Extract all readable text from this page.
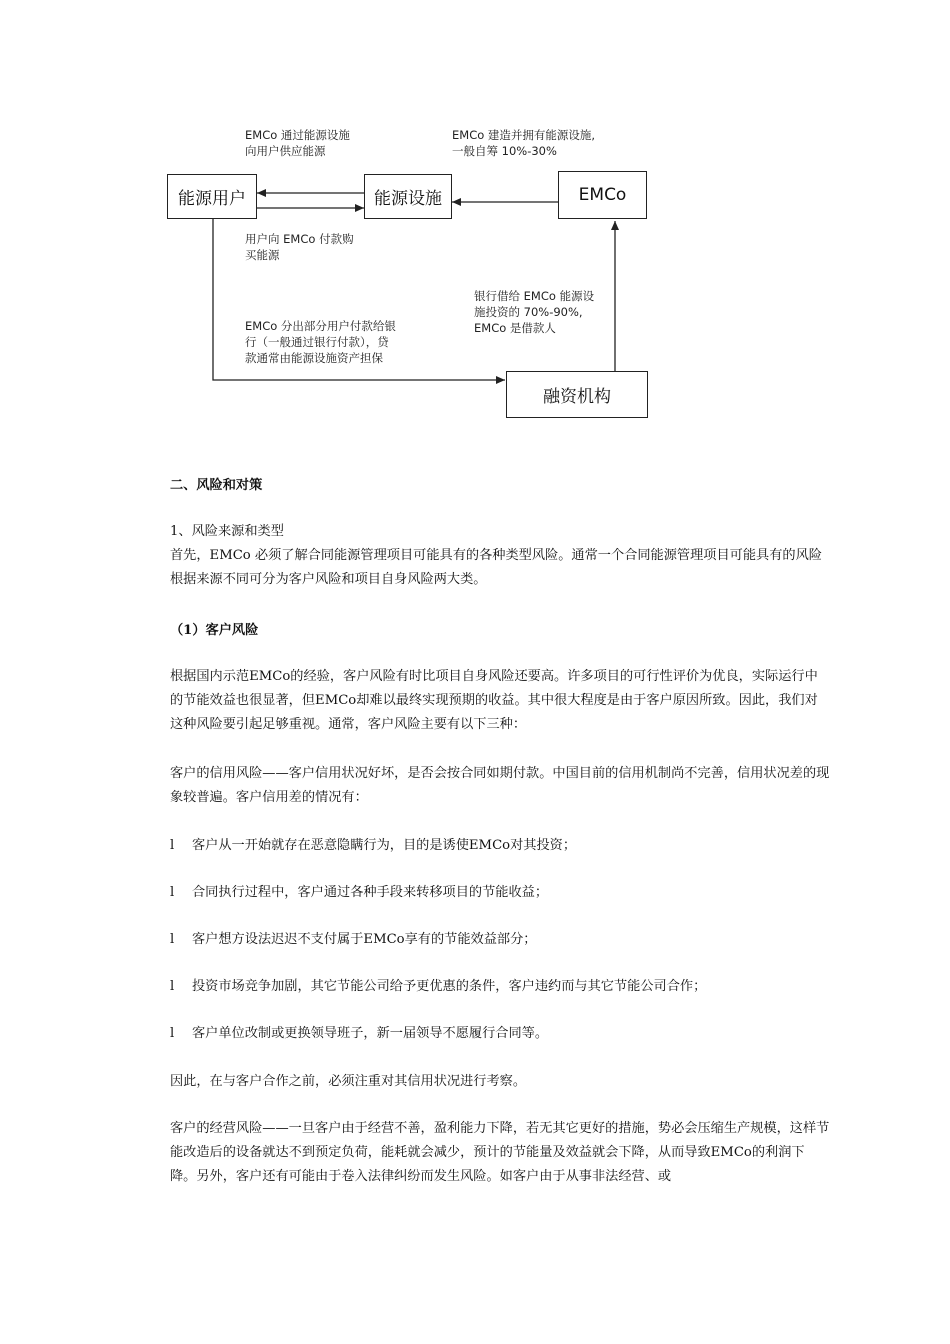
能源用户	能源设施	EMCo
融资机构
EMCo 通过能源设施
向用户供应能源
EMCo 建造并拥有能源设施,
一般自筹 10%-30%
用户向 EMCo 付款购
买能源
银行借给 EMCo 能源设
施投资的 70%-90%,
EMCo 是借款人
EMCo 分出部分用户付款给银
行（一般通过银行付款），贷
款通常由能源设施资产担保

二、风险和对策

1、风险来源和类型

首先，EMCo 必须了解合同能源管理项目可能具有的各种类型风险。通常一个合同能源管理项目可能具有的风险根据来源不同可分为客户风险和项目自身风险两大类。

（1）客户风险

根据国内示范EMCo的经验，客户风险有时比项目自身风险还要高。许多项目的可行性评价为优良，实际运行中的节能效益也很显著，但EMCo却难以最终实现预期的收益。其中很大程度是由于客户原因所致。因此，我们对这种风险要引起足够重视。通常，客户风险主要有以下三种：

客户的信用风险——客户信用状况好坏，是否会按合同如期付款。中国目前的信用机制尚不完善，信用状况差的现象较普遍。客户信用差的情况有：

l 客户从一开始就存在恶意隐瞒行为，目的是诱使EMCo对其投资；
l 合同执行过程中，客户通过各种手段来转移项目的节能收益；
l 客户想方设法迟迟不支付属于EMCo享有的节能效益部分；
l 投资市场竞争加剧，其它节能公司给予更优惠的条件，客户违约而与其它节能公司合作；
l 客户单位改制或更换领导班子，新一届领导不愿履行合同等。

因此，在与客户合作之前，必须注重对其信用状况进行考察。

客户的经营风险——一旦客户由于经营不善，盈利能力下降，若无其它更好的措施，势必会压缩生产规模，这样节能改造后的设备就达不到预定负荷，能耗就会减少，预计的节能量及效益就会下降，从而导致EMCo的利润下降。另外，客户还有可能由于卷入法律纠纷而发生风险。如客户由于从事非法经营、或
